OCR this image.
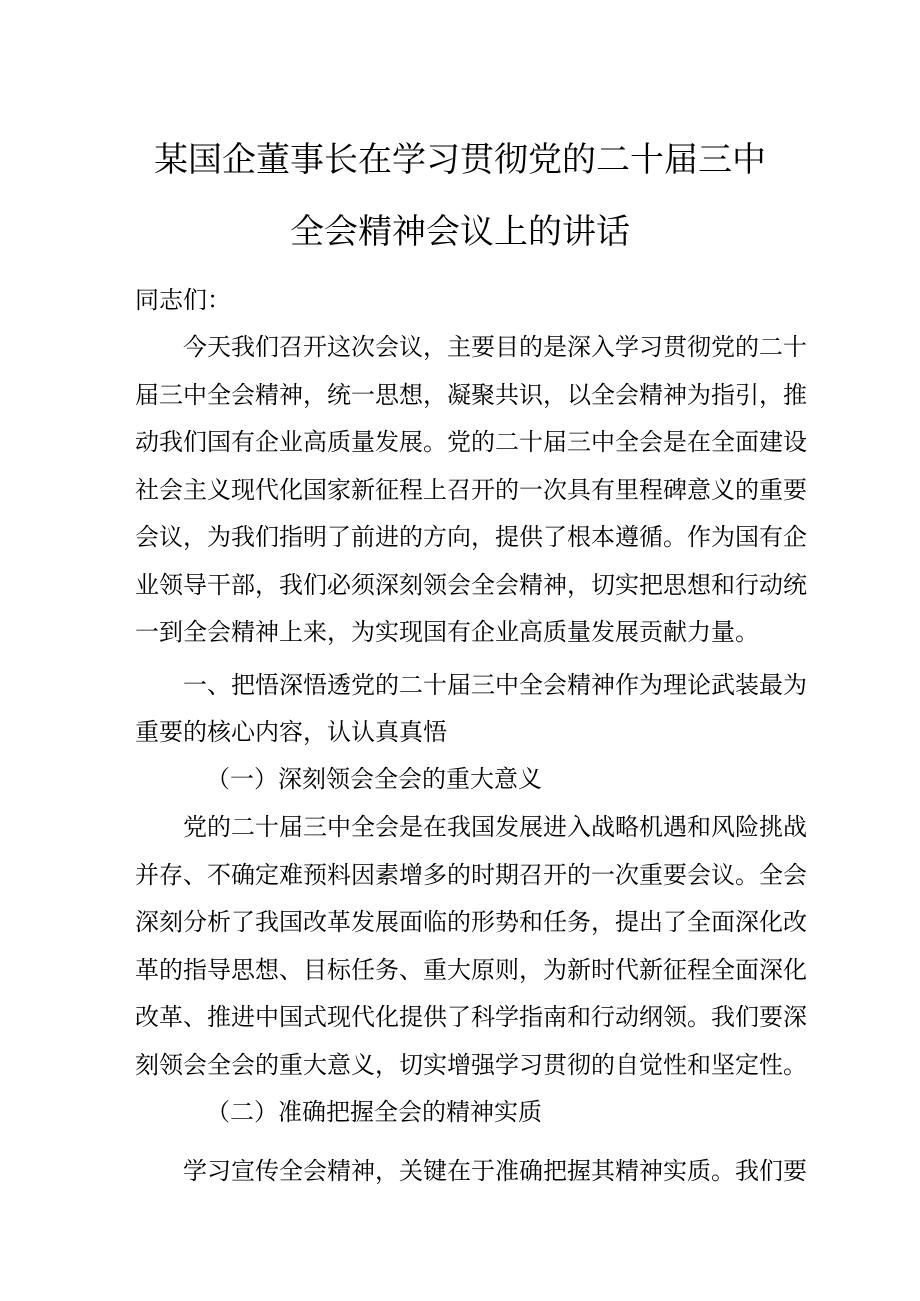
某国企董事长在学习贯彻党的二十届三中
全会精神会议上的讲话
同志们：
今天我们召开这次会议，主要目的是深入学习贯彻党的二十
届三中全会精神，统一思想，凝聚共识，以全会精神为指引，推
动我们国有企业高质量发展。党的二十届三中全会是在全面建设
社会主义现代化国家新征程上召开的一次具有里程碑意义的重要
会议，为我们指明了前进的方向，提供了根本遵循。作为国有企
业领导干部，我们必须深刻领会全会精神，切实把思想和行动统
一到全会精神上来，为实现国有企业高质量发展贡献力量。
一、把悟深悟透党的二十届三中全会精神作为理论武装最为
重要的核心内容，认认真真悟
（一）深刻领会全会的重大意义
党的二十届三中全会是在我国发展进入战略机遇和风险挑战
并存、不确定难预料因素增多的时期召开的一次重要会议。全会
深刻分析了我国改革发展面临的形势和任务，提出了全面深化改
革的指导思想、目标任务、重大原则，为新时代新征程全面深化
改革、推进中国式现代化提供了科学指南和行动纲领。我们要深
刻领会全会的重大意义，切实增强学习贯彻的自觉性和坚定性。
（二）准确把握全会的精神实质
学习宣传全会精神，关键在于准确把握其精神实质。我们要
